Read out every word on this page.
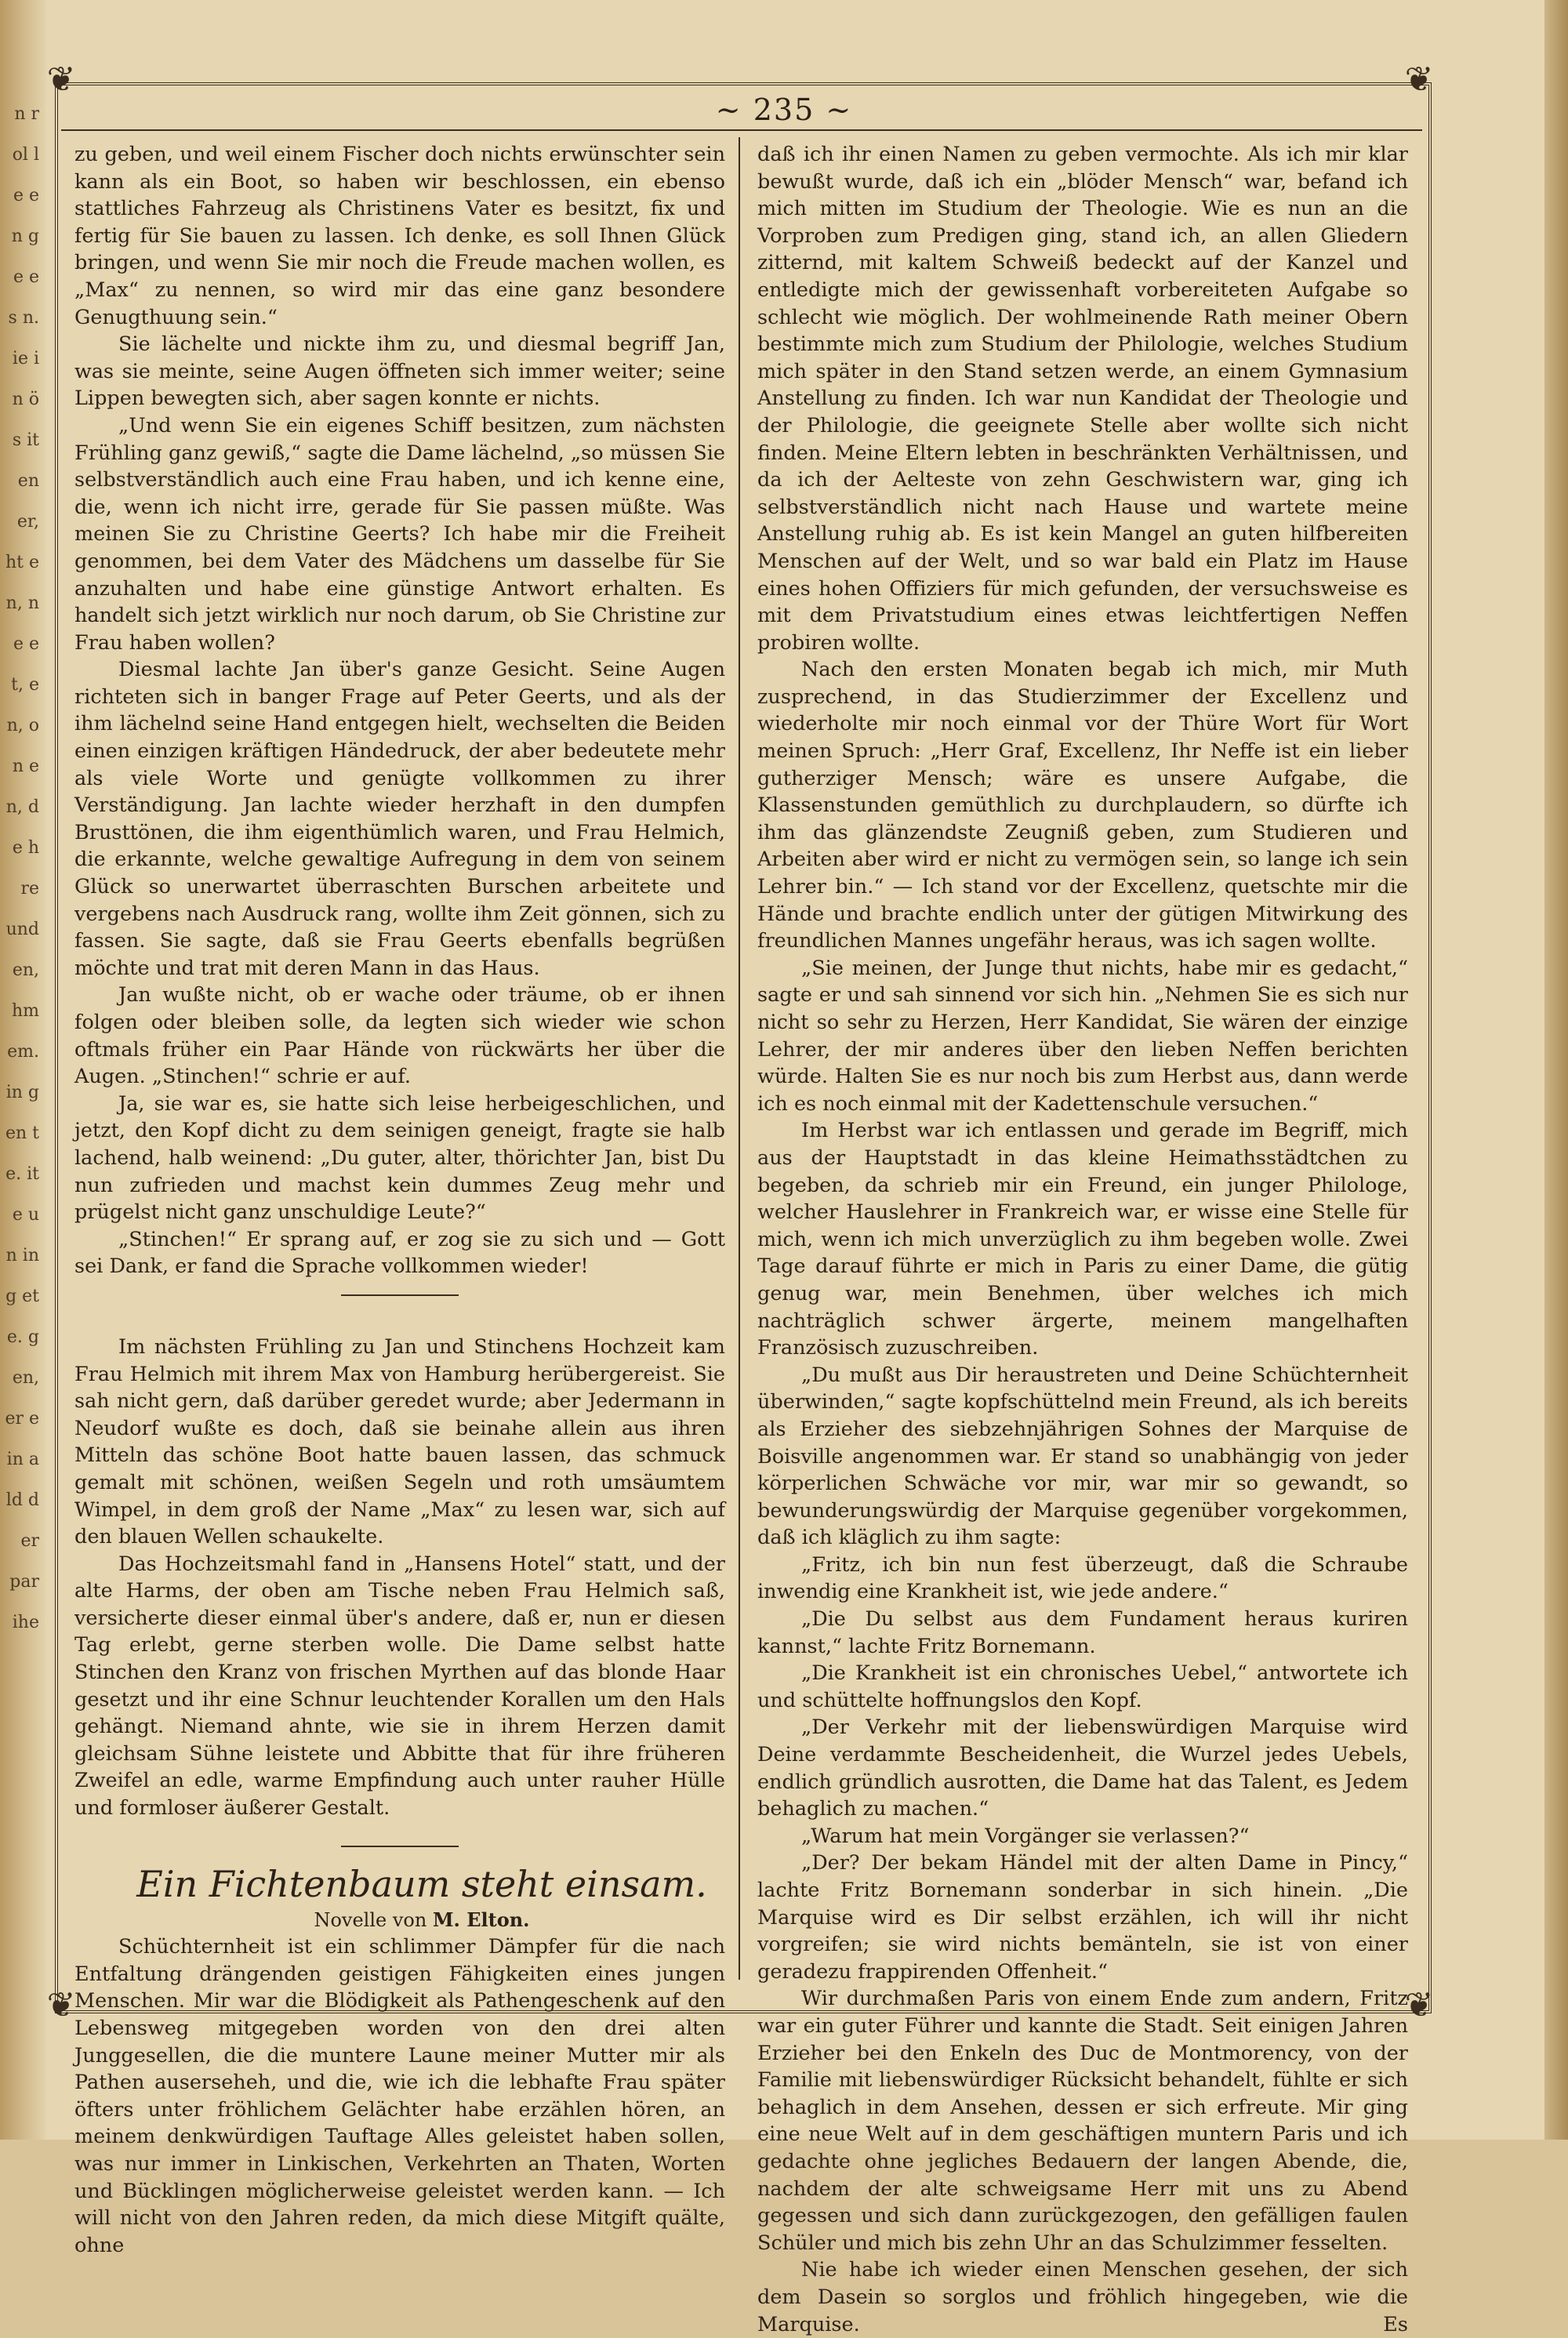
n r ol le en ge es n. ie in ös it en er, ht en, ne et, en, on en, de hre und en, hm em. in gen te. ite un ing ete. gen, er ein ald der par ihe
❦	❦
❦	❦
~ 235 ~

zu geben, und weil einem Fischer doch nichts erwünschter sein kann als ein Boot, so haben wir beschlossen, ein ebenso stattliches Fahrzeug als Christinens Vater es besitzt, fix und fertig für Sie bauen zu lassen. Ich denke, es soll Ihnen Glück bringen, und wenn Sie mir noch die Freude machen wollen, es „Max“ zu nennen, so wird mir das eine ganz besondere Genugthuung sein.“

Sie lächelte und nickte ihm zu, und diesmal begriff Jan, was sie meinte, seine Augen öffneten sich immer weiter; seine Lippen bewegten sich, aber sagen konnte er nichts.

„Und wenn Sie ein eigenes Schiff besitzen, zum nächsten Frühling ganz gewiß,“ sagte die Dame lächelnd, „so müssen Sie selbstverständlich auch eine Frau haben, und ich kenne eine, die, wenn ich nicht irre, gerade für Sie passen müßte. Was meinen Sie zu Christine Geerts? Ich habe mir die Freiheit genommen, bei dem Vater des Mädchens um dasselbe für Sie anzuhalten und habe eine günstige Antwort erhalten. Es handelt sich jetzt wirklich nur noch darum, ob Sie Christine zur Frau haben wollen?

Diesmal lachte Jan über's ganze Gesicht. Seine Augen richteten sich in banger Frage auf Peter Geerts, und als der ihm lächelnd seine Hand entgegen hielt, wechselten die Beiden einen einzigen kräftigen Händedruck, der aber bedeutete mehr als viele Worte und genügte vollkommen zu ihrer Verständigung. Jan lachte wieder herzhaft in den dumpfen Brusttönen, die ihm eigenthümlich waren, und Frau Helmich, die erkannte, welche gewaltige Aufregung in dem von seinem Glück so unerwartet überraschten Burschen arbeitete und vergebens nach Ausdruck rang, wollte ihm Zeit gönnen, sich zu fassen. Sie sagte, daß sie Frau Geerts ebenfalls begrüßen möchte und trat mit deren Mann in das Haus.

Jan wußte nicht, ob er wache oder träume, ob er ihnen folgen oder bleiben solle, da legten sich wieder wie schon oftmals früher ein Paar Hände von rückwärts her über die Augen. „Stinchen!“ schrie er auf.

Ja, sie war es, sie hatte sich leise herbeigeschlichen, und jetzt, den Kopf dicht zu dem seinigen geneigt, fragte sie halb lachend, halb weinend: „Du guter, alter, thörichter Jan, bist Du nun zufrieden und machst kein dummes Zeug mehr und prügelst nicht ganz unschuldige Leute?“

„Stinchen!“ Er sprang auf, er zog sie zu sich und — Gott sei Dank, er fand die Sprache vollkommen wieder!

Im nächsten Frühling zu Jan und Stinchens Hochzeit kam Frau Helmich mit ihrem Max von Hamburg herübergereist. Sie sah nicht gern, daß darüber geredet wurde; aber Jedermann in Neudorf wußte es doch, daß sie beinahe allein aus ihren Mitteln das schöne Boot hatte bauen lassen, das schmuck gemalt mit schönen, weißen Segeln und roth umsäumtem Wimpel, in dem groß der Name „Max“ zu lesen war, sich auf den blauen Wellen schaukelte.

Das Hochzeitsmahl fand in „Hansens Hotel“ statt, und der alte Harms, der oben am Tische neben Frau Helmich saß, versicherte dieser einmal über's andere, daß er, nun er diesen Tag erlebt, gerne sterben wolle. Die Dame selbst hatte Stinchen den Kranz von frischen Myrthen auf das blonde Haar gesetzt und ihr eine Schnur leuchtender Korallen um den Hals gehängt. Niemand ahnte, wie sie in ihrem Herzen damit gleichsam Sühne leistete und Abbitte that für ihre früheren Zweifel an edle, warme Empfindung auch unter rauher Hülle und formloser äußerer Gestalt.

Ein Fichtenbaum steht einsam.

Novelle von M. Elton.

Schüchternheit ist ein schlimmer Dämpfer für die nach Entfaltung drängenden geistigen Fähigkeiten eines jungen Menschen. Mir war die Blödigkeit als Pathengeschenk auf den Lebensweg mitgegeben worden von den drei alten Junggesellen, die die muntere Laune meiner Mutter mir als Pathen auserseheh, und die, wie ich die lebhafte Frau später öfters unter fröhlichem Gelächter habe erzählen hören, an meinem denkwürdigen Tauftage Alles geleistet haben sollen, was nur immer in Linkischen, Verkehrten an Thaten, Worten und Bücklingen möglicherweise geleistet werden kann. — Ich will nicht von den Jahren reden, da mich diese Mitgift quälte, ohne

daß ich ihr einen Namen zu geben vermochte. Als ich mir klar bewußt wurde, daß ich ein „blöder Mensch“ war, befand ich mich mitten im Studium der Theologie. Wie es nun an die Vorproben zum Predigen ging, stand ich, an allen Gliedern zitternd, mit kaltem Schweiß bedeckt auf der Kanzel und entledigte mich der gewissenhaft vorbereiteten Aufgabe so schlecht wie möglich. Der wohlmeinende Rath meiner Obern bestimmte mich zum Studium der Philologie, welches Studium mich später in den Stand setzen werde, an einem Gymnasium Anstellung zu finden. Ich war nun Kandidat der Theologie und der Philologie, die geeignete Stelle aber wollte sich nicht finden. Meine Eltern lebten in beschränkten Verhältnissen, und da ich der Aelteste von zehn Geschwistern war, ging ich selbstverständlich nicht nach Hause und wartete meine Anstellung ruhig ab. Es ist kein Mangel an guten hilfbereiten Menschen auf der Welt, und so war bald ein Platz im Hause eines hohen Offiziers für mich gefunden, der versuchsweise es mit dem Privatstudium eines etwas leichtfertigen Neffen probiren wollte.

Nach den ersten Monaten begab ich mich, mir Muth zusprechend, in das Studierzimmer der Excellenz und wiederholte mir noch einmal vor der Thüre Wort für Wort meinen Spruch: „Herr Graf, Excellenz, Ihr Neffe ist ein lieber gutherziger Mensch; wäre es unsere Aufgabe, die Klassenstunden gemüthlich zu durchplaudern, so dürfte ich ihm das glänzendste Zeugniß geben, zum Studieren und Arbeiten aber wird er nicht zu vermögen sein, so lange ich sein Lehrer bin.“ — Ich stand vor der Excellenz, quetschte mir die Hände und brachte endlich unter der gütigen Mitwirkung des freundlichen Mannes ungefähr heraus, was ich sagen wollte.

„Sie meinen, der Junge thut nichts, habe mir es gedacht,“ sagte er und sah sinnend vor sich hin. „Nehmen Sie es sich nur nicht so sehr zu Herzen, Herr Kandidat, Sie wären der einzige Lehrer, der mir anderes über den lieben Neffen berichten würde. Halten Sie es nur noch bis zum Herbst aus, dann werde ich es noch einmal mit der Kadettenschule versuchen.“

Im Herbst war ich entlassen und gerade im Begriff, mich aus der Hauptstadt in das kleine Heimathsstädtchen zu begeben, da schrieb mir ein Freund, ein junger Philologe, welcher Hauslehrer in Frankreich war, er wisse eine Stelle für mich, wenn ich mich unverzüglich zu ihm begeben wolle. Zwei Tage darauf führte er mich in Paris zu einer Dame, die gütig genug war, mein Benehmen, über welches ich mich nachträglich schwer ärgerte, meinem mangelhaften Französisch zuzuschreiben.

„Du mußt aus Dir heraustreten und Deine Schüchternheit überwinden,“ sagte kopfschüttelnd mein Freund, als ich bereits als Erzieher des siebzehnjährigen Sohnes der Marquise de Boisville angenommen war. Er stand so unabhängig von jeder körperlichen Schwäche vor mir, war mir so gewandt, so bewunderungswürdig der Marquise gegenüber vorgekommen, daß ich kläglich zu ihm sagte:

„Fritz, ich bin nun fest überzeugt, daß die Schraube inwendig eine Krankheit ist, wie jede andere.“

„Die Du selbst aus dem Fundament heraus kuriren kannst,“ lachte Fritz Bornemann.

„Die Krankheit ist ein chronisches Uebel,“ antwortete ich und schüttelte hoffnungslos den Kopf.

„Der Verkehr mit der liebenswürdigen Marquise wird Deine verdammte Bescheidenheit, die Wurzel jedes Uebels, endlich gründlich ausrotten, die Dame hat das Talent, es Jedem behaglich zu machen.“

„Warum hat mein Vorgänger sie verlassen?“

„Der? Der bekam Händel mit der alten Dame in Pincy,“ lachte Fritz Bornemann sonderbar in sich hinein. „Die Marquise wird es Dir selbst erzählen, ich will ihr nicht vorgreifen; sie wird nichts bemänteln, sie ist von einer geradezu frappirenden Offenheit.“

Wir durchmaßen Paris von einem Ende zum andern, Fritz war ein guter Führer und kannte die Stadt. Seit einigen Jahren Erzieher bei den Enkeln des Duc de Montmorency, von der Familie mit liebenswürdiger Rücksicht behandelt, fühlte er sich behaglich in dem Ansehen, dessen er sich erfreute. Mir ging eine neue Welt auf in dem geschäftigen muntern Paris und ich gedachte ohne jegliches Bedauern der langen Abende, die, nachdem der alte schweigsame Herr mit uns zu Abend gegessen und sich dann zurückgezogen, den gefälligen faulen Schüler und mich bis zehn Uhr an das Schulzimmer fesselten.

Nie habe ich wieder einen Menschen gesehen, der sich dem Dasein so sorglos und fröhlich hingegeben, wie die Marquise. Es
